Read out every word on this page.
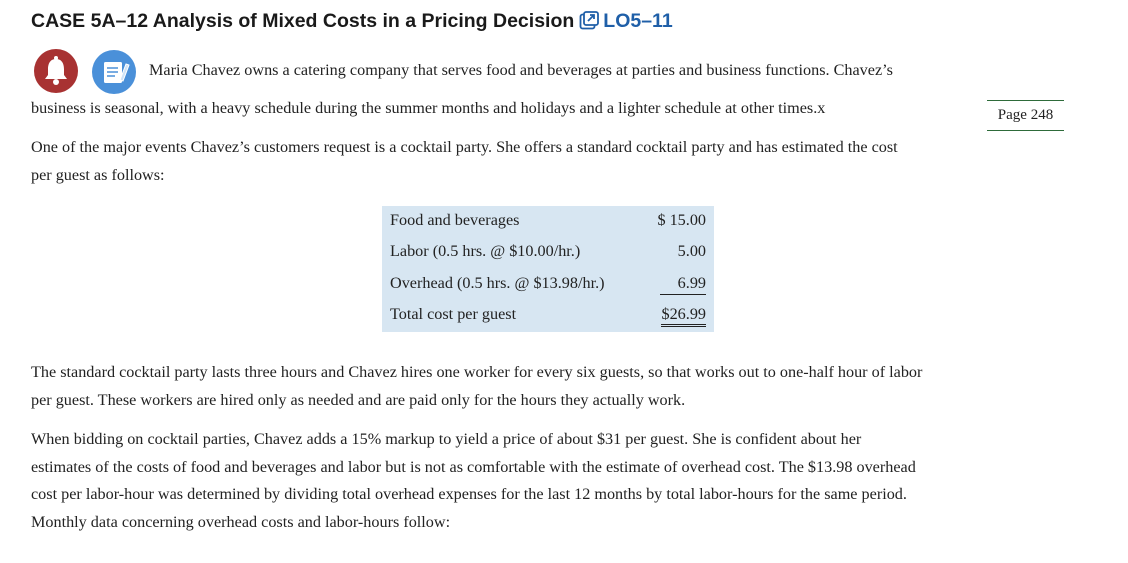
CASE 5A–12 Analysis of Mixed Costs in a Pricing Decision LO5–11
Maria Chavez owns a catering company that serves food and beverages at parties and business functions. Chavez’s
business is seasonal, with a heavy schedule during the summer months and holidays and a lighter schedule at other times.x	Page 248
One of the major events Chavez’s customers request is a cocktail party. She offers a standard cocktail party and has estimated the cost
per guest as follows:
Food and beverages	$ 15.00
Labor (0.5 hrs. @ $10.00/hr.)	5.00
Overhead (0.5 hrs. @ $13.98/hr.)	6.99
Total cost per guest	$26.99
The standard cocktail party lasts three hours and Chavez hires one worker for every six guests, so that works out to one-half hour of labor
per guest. These workers are hired only as needed and are paid only for the hours they actually work.
When bidding on cocktail parties, Chavez adds a 15% markup to yield a price of about $31 per guest. She is confident about her
estimates of the costs of food and beverages and labor but is not as comfortable with the estimate of overhead cost. The $13.98 overhead
cost per labor-hour was determined by dividing total overhead expenses for the last 12 months by total labor-hours for the same period.
Monthly data concerning overhead costs and labor-hours follow:
